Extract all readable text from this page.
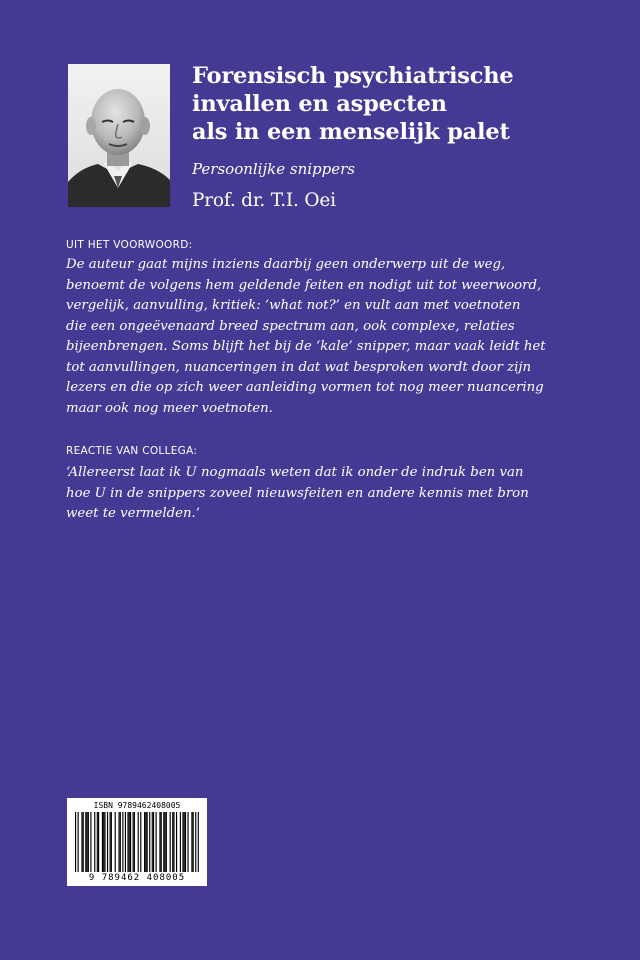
Forensisch psychiatrische
invallen en aspecten
als in een menselijk palet
Persoonlijke snippers
Prof. dr. T.I. Oei
UIT HET VOORWOORD:
De auteur gaat mijns inziens daarbij geen onderwerp uit de weg,
benoemt de volgens hem geldende feiten en nodigt uit tot weerwoord,
vergelijk, aanvulling, kritiek: ‘what not?’ en vult aan met voetnoten
die een ongeëvenaard breed spectrum aan, ook complexe, relaties
bijeenbrengen. Soms blijft het bij de ‘kale’ snipper, maar vaak leidt het
tot aanvullingen, nuanceringen in dat wat besproken wordt door zijn
lezers en die op zich weer aanleiding vormen tot nog meer nuancering
maar ook nog meer voetnoten.
REACTIE VAN COLLEGA:
‘Allereerst laat ik U nogmaals weten dat ik onder de indruk ben van
hoe U in de snippers zoveel nieuwsfeiten en andere kennis met bron
weet te vermelden.’
ISBN 9789462408005
9 789462 408005
